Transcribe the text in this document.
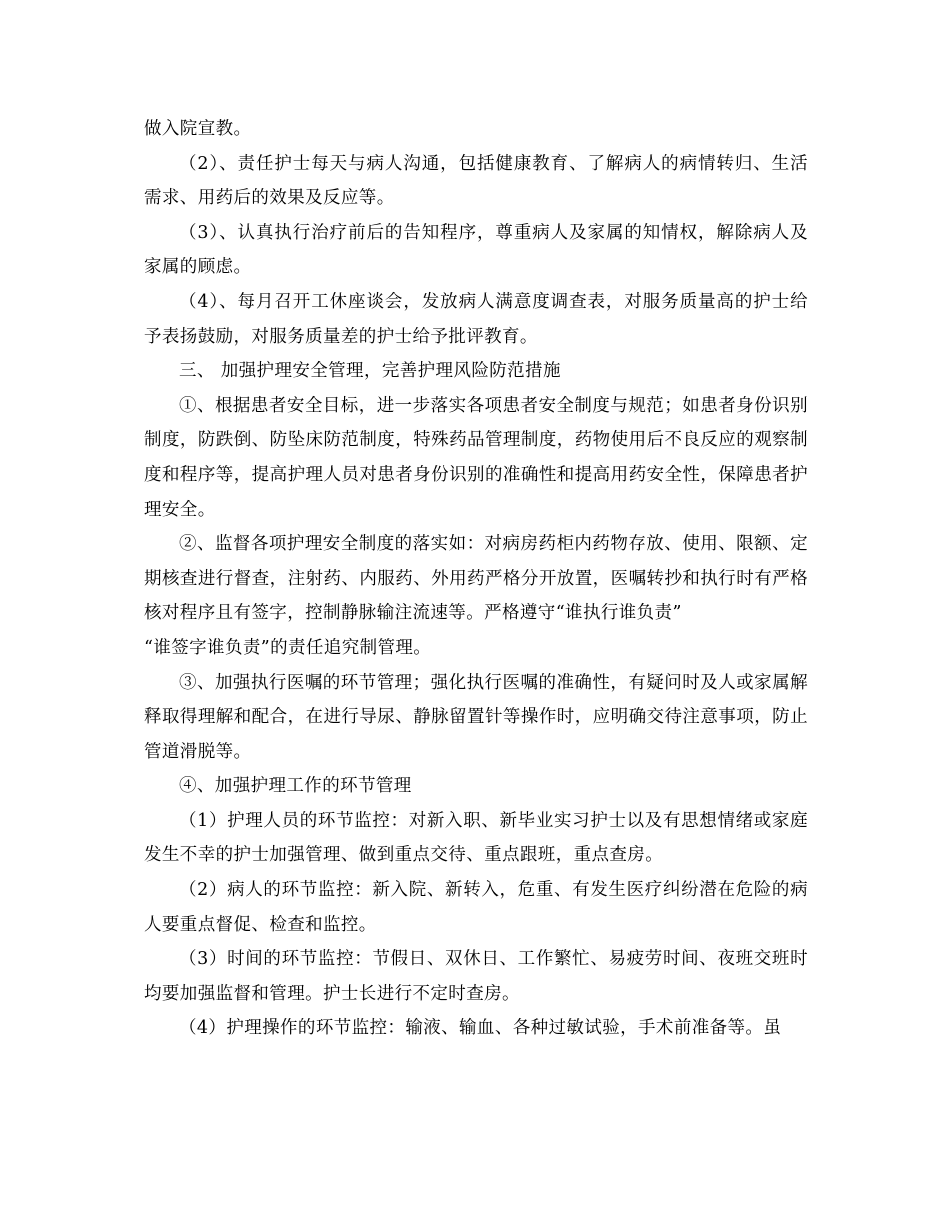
做入院宣教。

（2）、责任护士每天与病人沟通，包括健康教育、了解病人的病情转归、生活需求、用药后的效果及反应等。

（3）、认真执行治疗前后的告知程序，尊重病人及家属的知情权，解除病人及家属的顾虑。

（4）、每月召开工休座谈会，发放病人满意度调查表，对服务质量高的护士给予表扬鼓励，对服务质量差的护士给予批评教育。

三、 加强护理安全管理，完善护理风险防范措施

①、根据患者安全目标，进一步落实各项患者安全制度与规范；如患者身份识别制度，防跌倒、防坠床防范制度，特殊药品管理制度，药物使用后不良反应的观察制度和程序等，提高护理人员对患者身份识别的准确性和提高用药安全性，保障患者护理安全。

②、监督各项护理安全制度的落实如：对病房药柜内药物存放、使用、限额、定期核查进行督查，注射药、内服药、外用药严格分开放置，医嘱转抄和执行时有严格核对程序且有签字，控制静脉输注流速等。严格遵守“谁执行谁负责”

“谁签字谁负责”的责任追究制管理。

③、加强执行医嘱的环节管理；强化执行医嘱的准确性，有疑问时及人或家属解释取得理解和配合，在进行导尿、静脉留置针等操作时，应明确交待注意事项，防止管道滑脱等。

④、加强护理工作的环节管理

（1）护理人员的环节监控：对新入职、新毕业实习护士以及有思想情绪或家庭发生不幸的护士加强管理、做到重点交待、重点跟班，重点查房。

（2）病人的环节监控：新入院、新转入，危重、有发生医疗纠纷潜在危险的病人要重点督促、检查和监控。

（3）时间的环节监控：节假日、双休日、工作繁忙、易疲劳时间、夜班交班时均要加强监督和管理。护士长进行不定时查房。

（4）护理操作的环节监控：输液、输血、各种过敏试验，手术前准备等。虽
